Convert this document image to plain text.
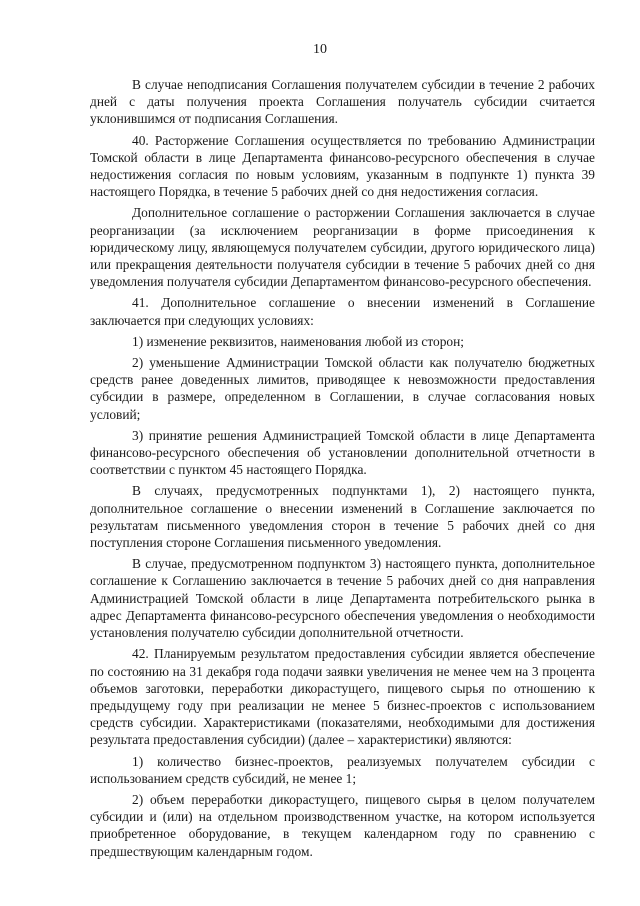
10

В случае неподписания Соглашения получателем субсидии в течение 2 рабочих дней с даты получения проекта Соглашения получатель субсидии считается уклонившимся от подписания Соглашения.

40. Расторжение Соглашения осуществляется по требованию Администрации Томской области в лице Департамента финансово-ресурсного обеспечения в случае недостижения согласия по новым условиям, указанным в подпункте 1) пункта 39 настоящего Порядка, в течение 5 рабочих дней со дня недостижения согласия.

Дополнительное соглашение о расторжении Соглашения заключается в случае реорганизации (за исключением реорганизации в форме присоединения к юридическому лицу, являющемуся получателем субсидии, другого юридического лица) или прекращения деятельности получателя субсидии в течение 5 рабочих дней со дня уведомления получателя субсидии Департаментом финансово-ресурсного обеспечения.

41. Дополнительное соглашение о внесении изменений в Соглашение заключается при следующих условиях:

1) изменение реквизитов, наименования любой из сторон;

2) уменьшение Администрации Томской области как получателю бюджетных средств ранее доведенных лимитов, приводящее к невозможности предоставления субсидии в размере, определенном в Соглашении, в случае согласования новых условий;

3) принятие решения Администрацией Томской области в лице Департамента финансово-ресурсного обеспечения об установлении дополнительной отчетности в соответствии с пунктом 45 настоящего Порядка.

В случаях, предусмотренных подпунктами 1), 2) настоящего пункта, дополнительное соглашение о внесении изменений в Соглашение заключается по результатам письменного уведомления сторон в течение 5 рабочих дней со дня поступления стороне Соглашения письменного уведомления.

В случае, предусмотренном подпунктом 3) настоящего пункта, дополнительное соглашение к Соглашению заключается в течение 5 рабочих дней со дня направления Администрацией Томской области в лице Департамента потребительского рынка в адрес Департамента финансово-ресурсного обеспечения уведомления о необходимости установления получателю субсидии дополнительной отчетности.

42. Планируемым результатом предоставления субсидии является обеспечение по состоянию на 31 декабря года подачи заявки увеличения не менее чем на 3 процента объемов заготовки, переработки дикорастущего, пищевого сырья по отношению к предыдущему году при реализации не менее 5 бизнес-проектов с использованием средств субсидии. Характеристиками (показателями, необходимыми для достижения результата предоставления субсидии) (далее – характеристики) являются:

1) количество бизнес-проектов, реализуемых получателем субсидии с использованием средств субсидий, не менее 1;

2) объем переработки дикорастущего, пищевого сырья в целом получателем субсидии и (или) на отдельном производственном участке, на котором используется приобретенное оборудование, в текущем календарном году по сравнению с предшествующим календарным годом.
